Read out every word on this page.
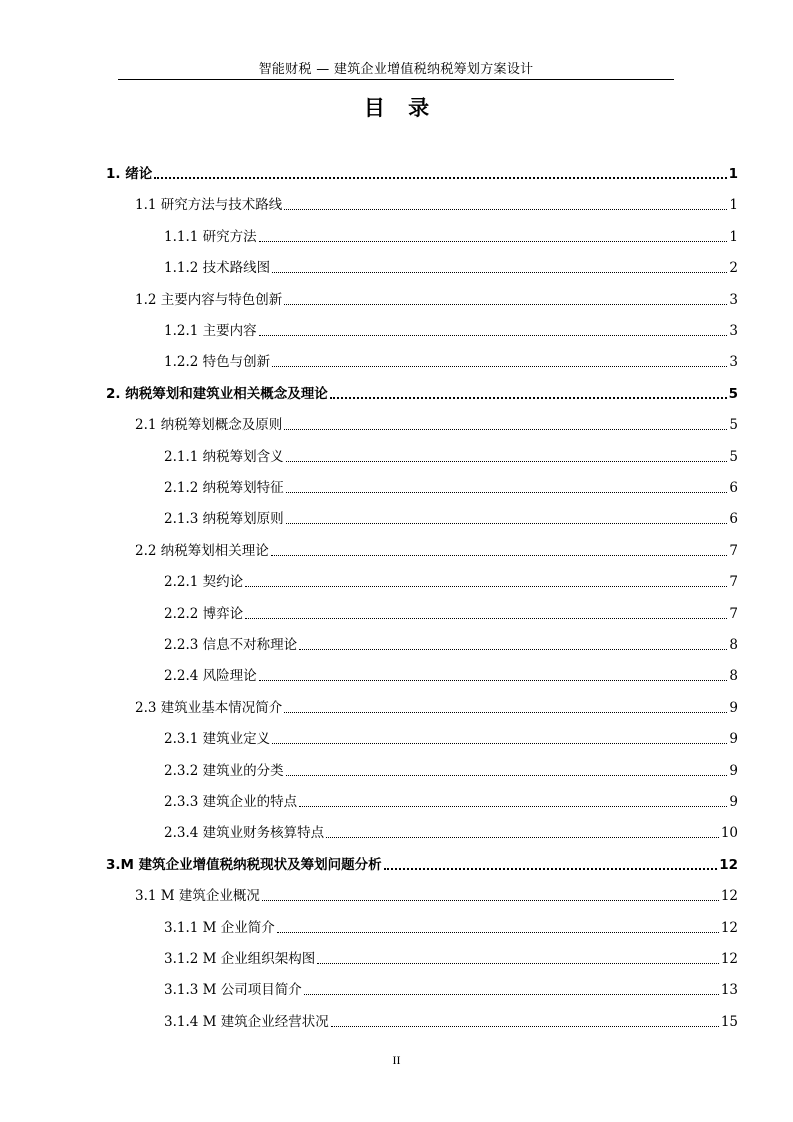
智能财税 — 建筑企业增值税纳税筹划方案设计
目 录
1. 绪论	1
1.1 研究方法与技术路线	1
1.1.1 研究方法	1
1.1.2 技术路线图	2
1.2 主要内容与特色创新	3
1.2.1 主要内容	3
1.2.2 特色与创新	3
2. 纳税筹划和建筑业相关概念及理论	5
2.1 纳税筹划概念及原则	5
2.1.1 纳税筹划含义	5
2.1.2 纳税筹划特征	6
2.1.3 纳税筹划原则	6
2.2 纳税筹划相关理论	7
2.2.1 契约论	7
2.2.2 博弈论	7
2.2.3 信息不对称理论	8
2.2.4 风险理论	8
2.3 建筑业基本情况简介	9
2.3.1 建筑业定义	9
2.3.2 建筑业的分类	9
2.3.3 建筑企业的特点	9
2.3.4 建筑业财务核算特点	10
3.M 建筑企业增值税纳税现状及筹划问题分析	12
3.1 M 建筑企业概况	12
3.1.1 M 企业简介	12
3.1.2 M 企业组织架构图	12
3.1.3 M 公司项目简介	13
3.1.4 M 建筑企业经营状况	15
II
